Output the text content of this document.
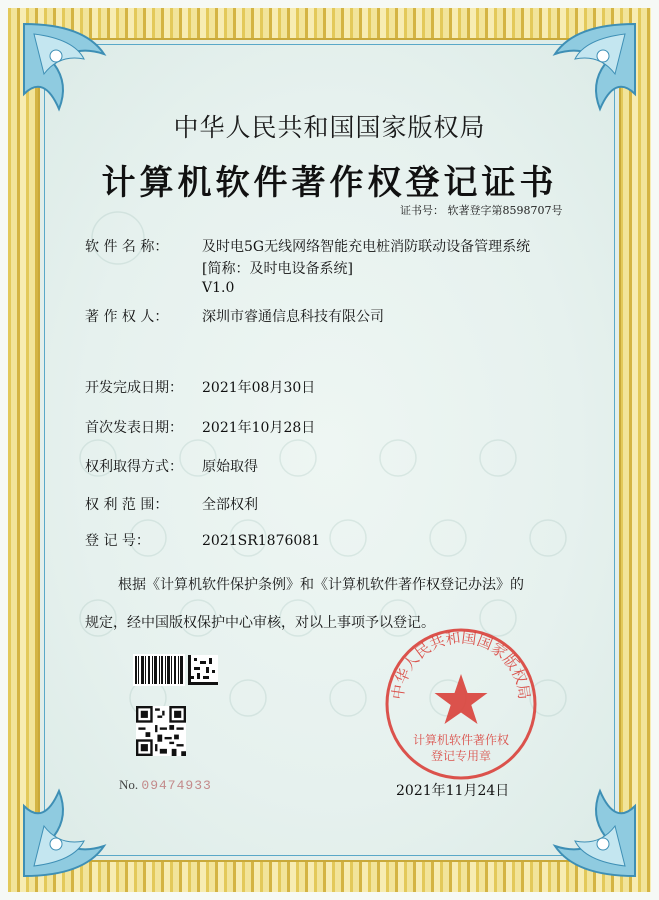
中华人民共和国国家版权局
计算机软件著作权登记证书
证书号： 软著登字第8598707号
软 件 名 称： 及时电5G无线网络智能充电桩消防联动设备管理系统
[简称：及时电设备系统]
V1.0
著 作 权 人： 深圳市睿通信息科技有限公司
开发完成日期： 2021年08月30日
首次发表日期： 2021年10月28日
权利取得方式： 原始取得
权 利 范 围： 全部权利
登 记 号：	2021SR1876081
根据《计算机软件保护条例》和《计算机软件著作权登记办法》的
规定，经中国版权保护中心审核，对以上事项予以登记。
No. 09474933	2021年11月24日
中华人民共和国国家版权局
计算机软件著作权
登记专用章
